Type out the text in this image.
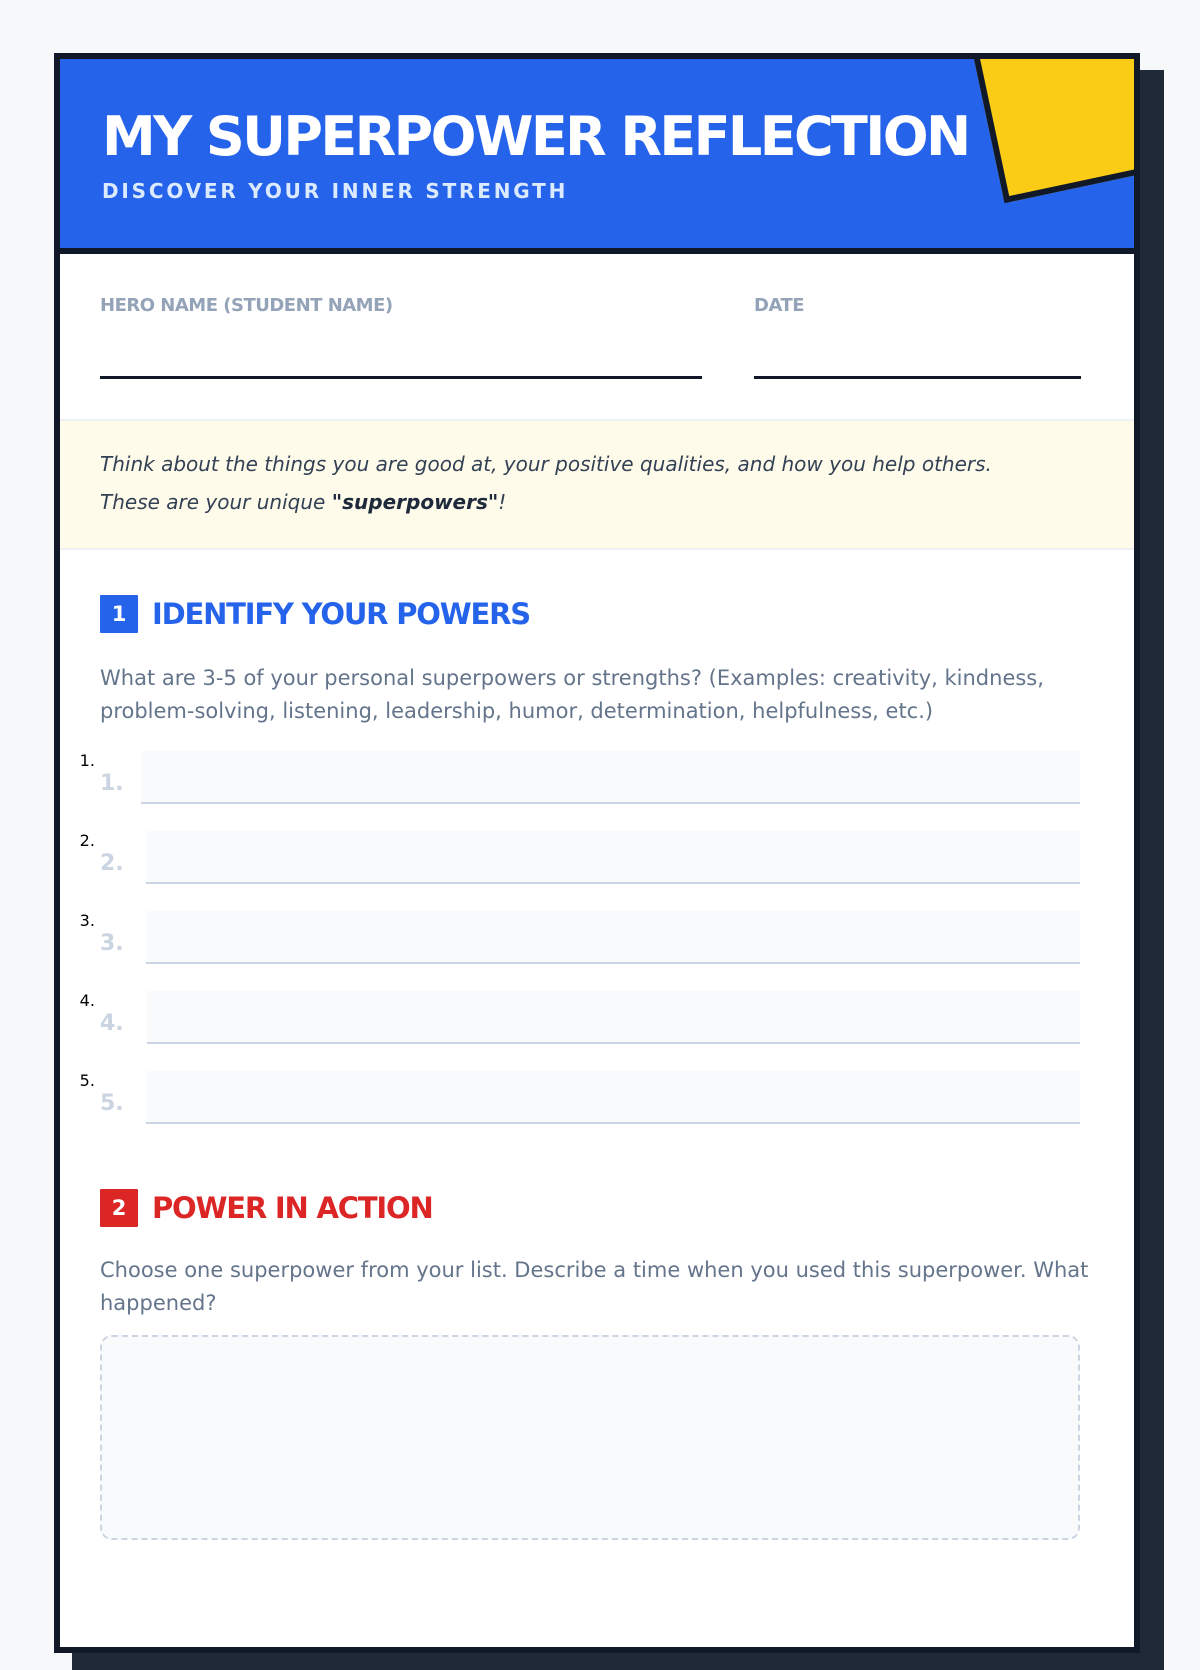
MY SUPERPOWER REFLECTION

DISCOVER YOUR INNER STRENGTH

HERO NAME (STUDENT NAME)	DATE

Think about the things you are good at, your positive qualities, and how you help others.
These are your unique "superpowers"!

1 IDENTIFY YOUR POWERS

What are 3-5 of your personal superpowers or strengths? (Examples: creativity, kindness, problem-solving, listening, leadership, humor, determination, helpfulness, etc.)

1. 1.
2. 2.
3. 3.
4. 4.
5. 5.
2 POWER IN ACTION

Choose one superpower from your list. Describe a time when you used this superpower. What happened?
